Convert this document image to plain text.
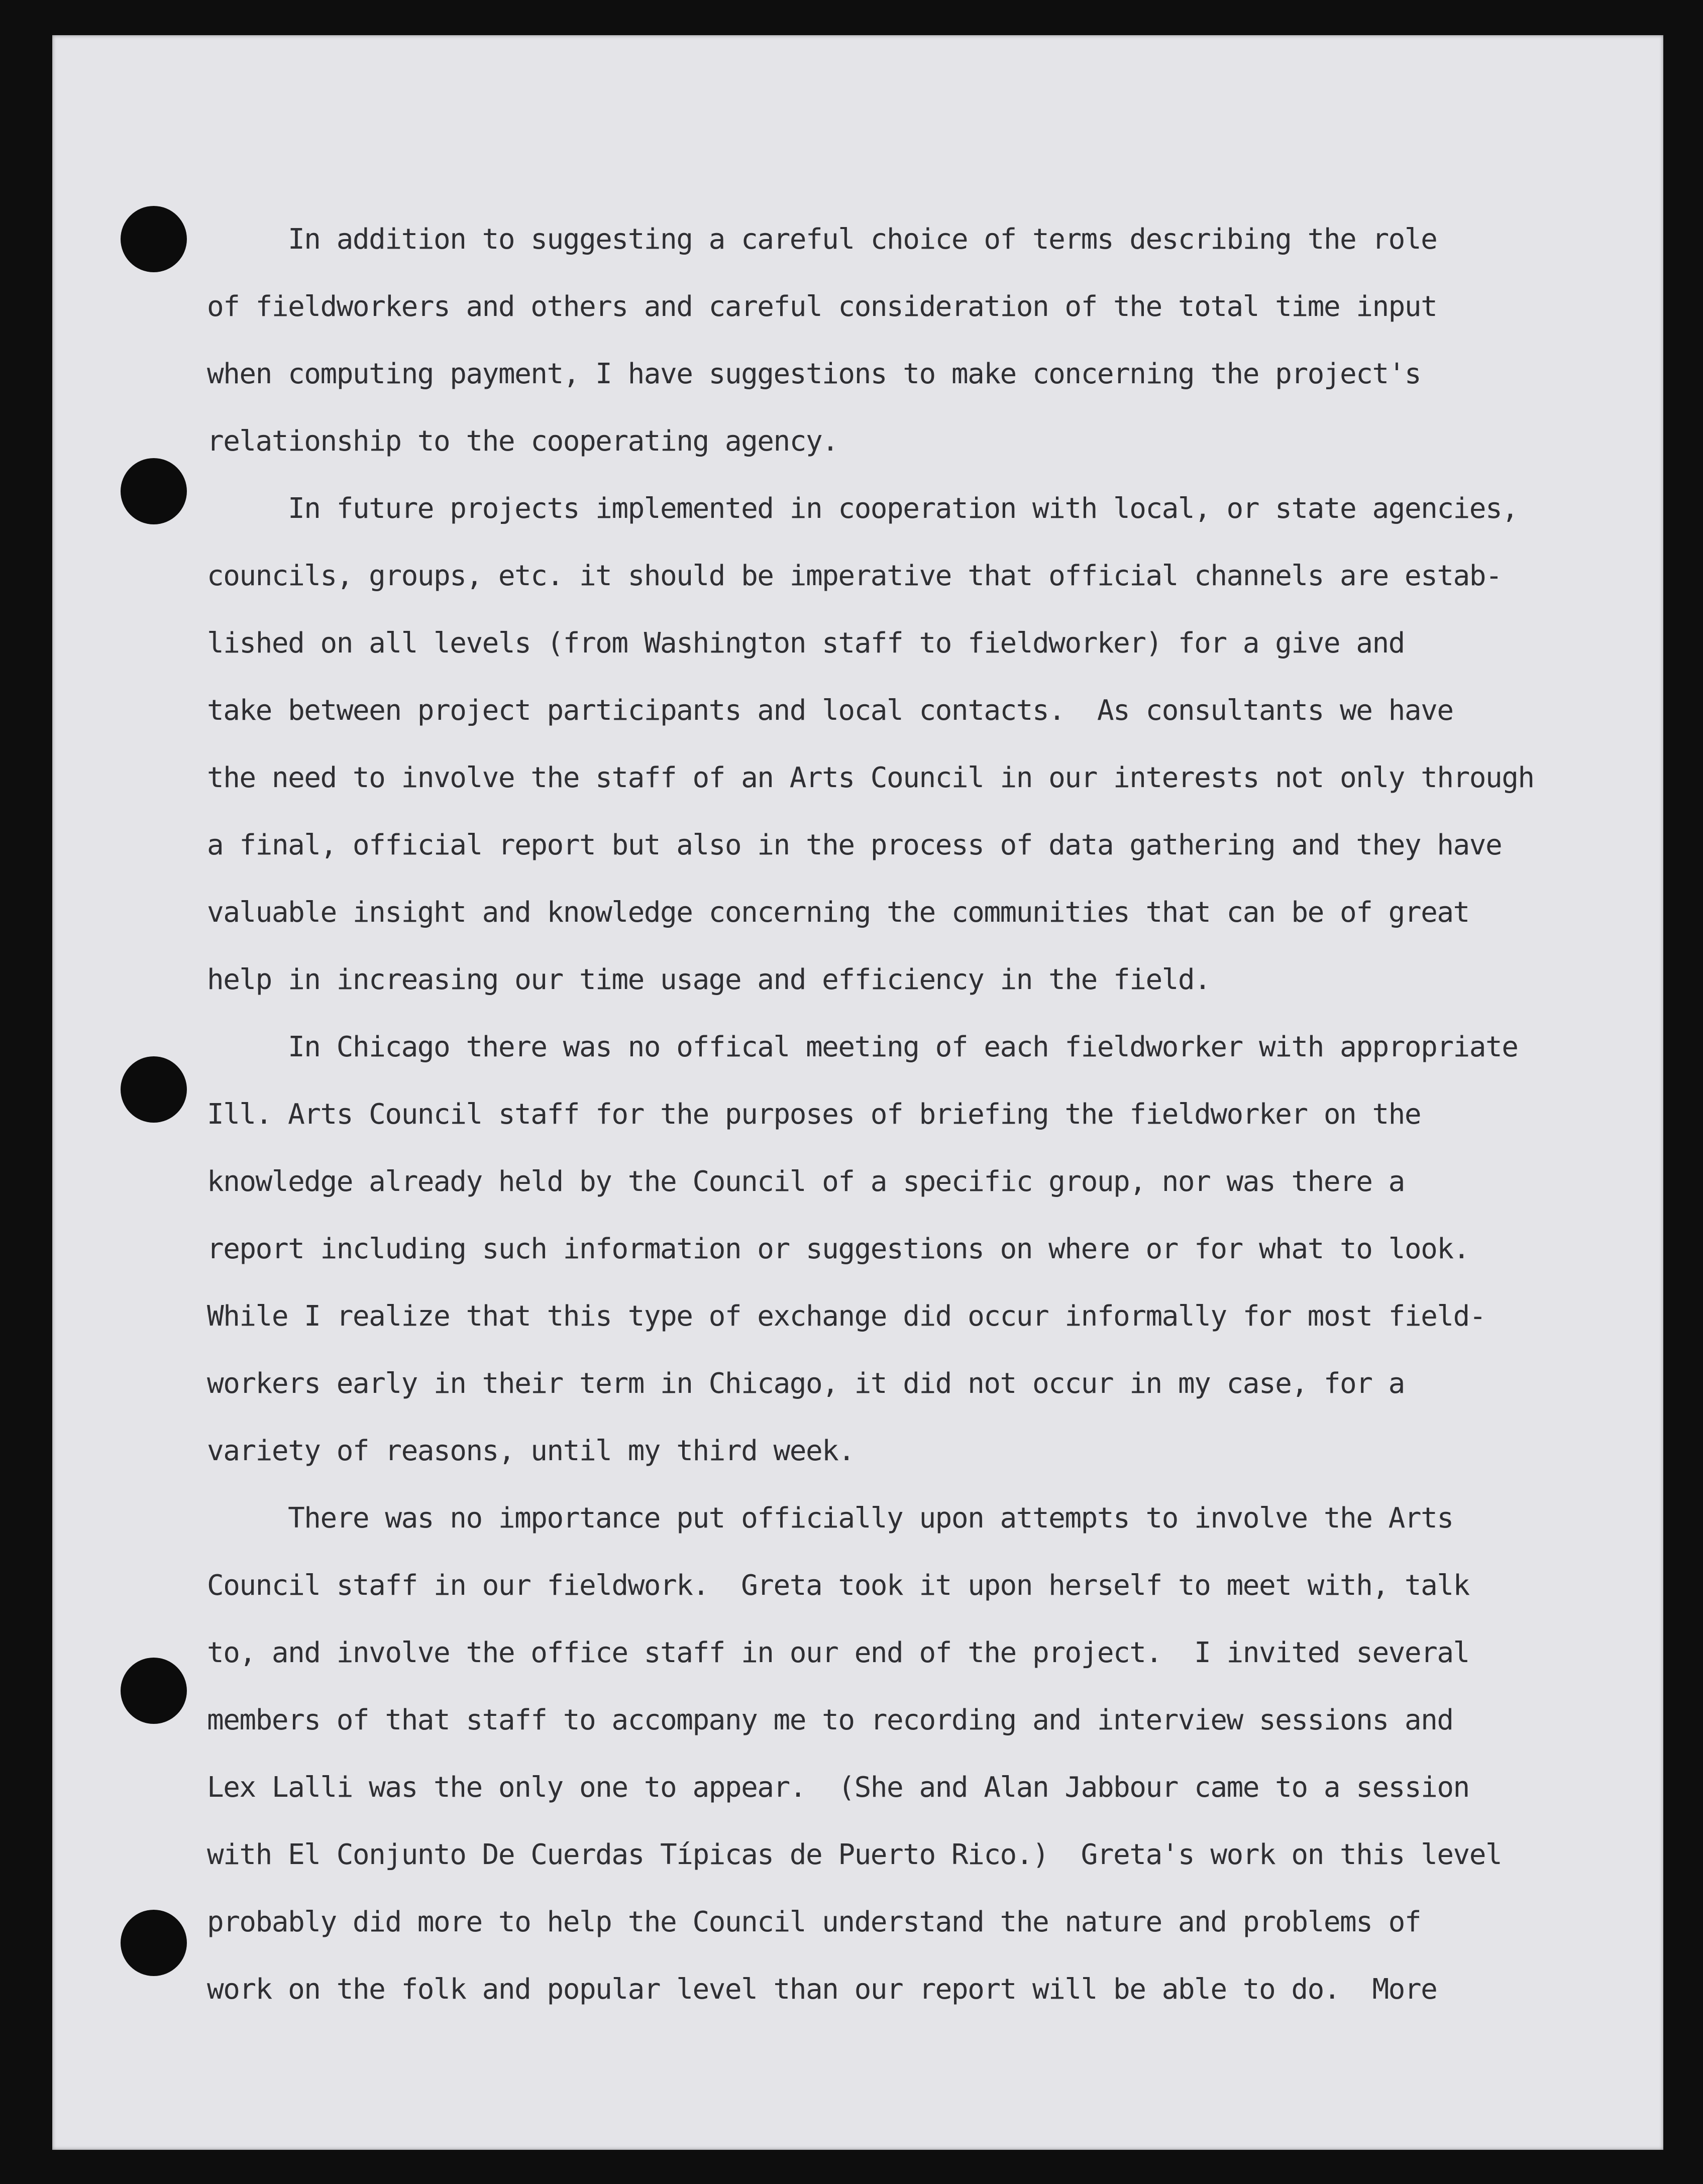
In addition to suggesting a careful choice of terms describing the role
of fieldworkers and others and careful consideration of the total time input
when computing payment, I have suggestions to make concerning the project's
relationship to the cooperating agency.
In future projects implemented in cooperation with local, or state agencies,
councils, groups, etc. it should be imperative that official channels are estab-
lished on all levels (from Washington staff to fieldworker) for a give and
take between project participants and local contacts.  As consultants we have
the need to involve the staff of an Arts Council in our interests not only through
a final, official report but also in the process of data gathering and they have
valuable insight and knowledge concerning the communities that can be of great
help in increasing our time usage and efficiency in the field.
In Chicago there was no offical meeting of each fieldworker with appropriate
Ill. Arts Council staff for the purposes of briefing the fieldworker on the
knowledge already held by the Council of a specific group, nor was there a
report including such information or suggestions on where or for what to look.
While I realize that this type of exchange did occur informally for most field-
workers early in their term in Chicago, it did not occur in my case, for a
variety of reasons, until my third week.
There was no importance put officially upon attempts to involve the Arts
Council staff in our fieldwork.  Greta took it upon herself to meet with, talk
to, and involve the office staff in our end of the project.  I invited several
members of that staff to accompany me to recording and interview sessions and
Lex Lalli was the only one to appear.  (She and Alan Jabbour came to a session
with El Conjunto De Cuerdas Típicas de Puerto Rico.)  Greta's work on this level
probably did more to help the Council understand the nature and problems of
work on the folk and popular level than our report will be able to do.  More
